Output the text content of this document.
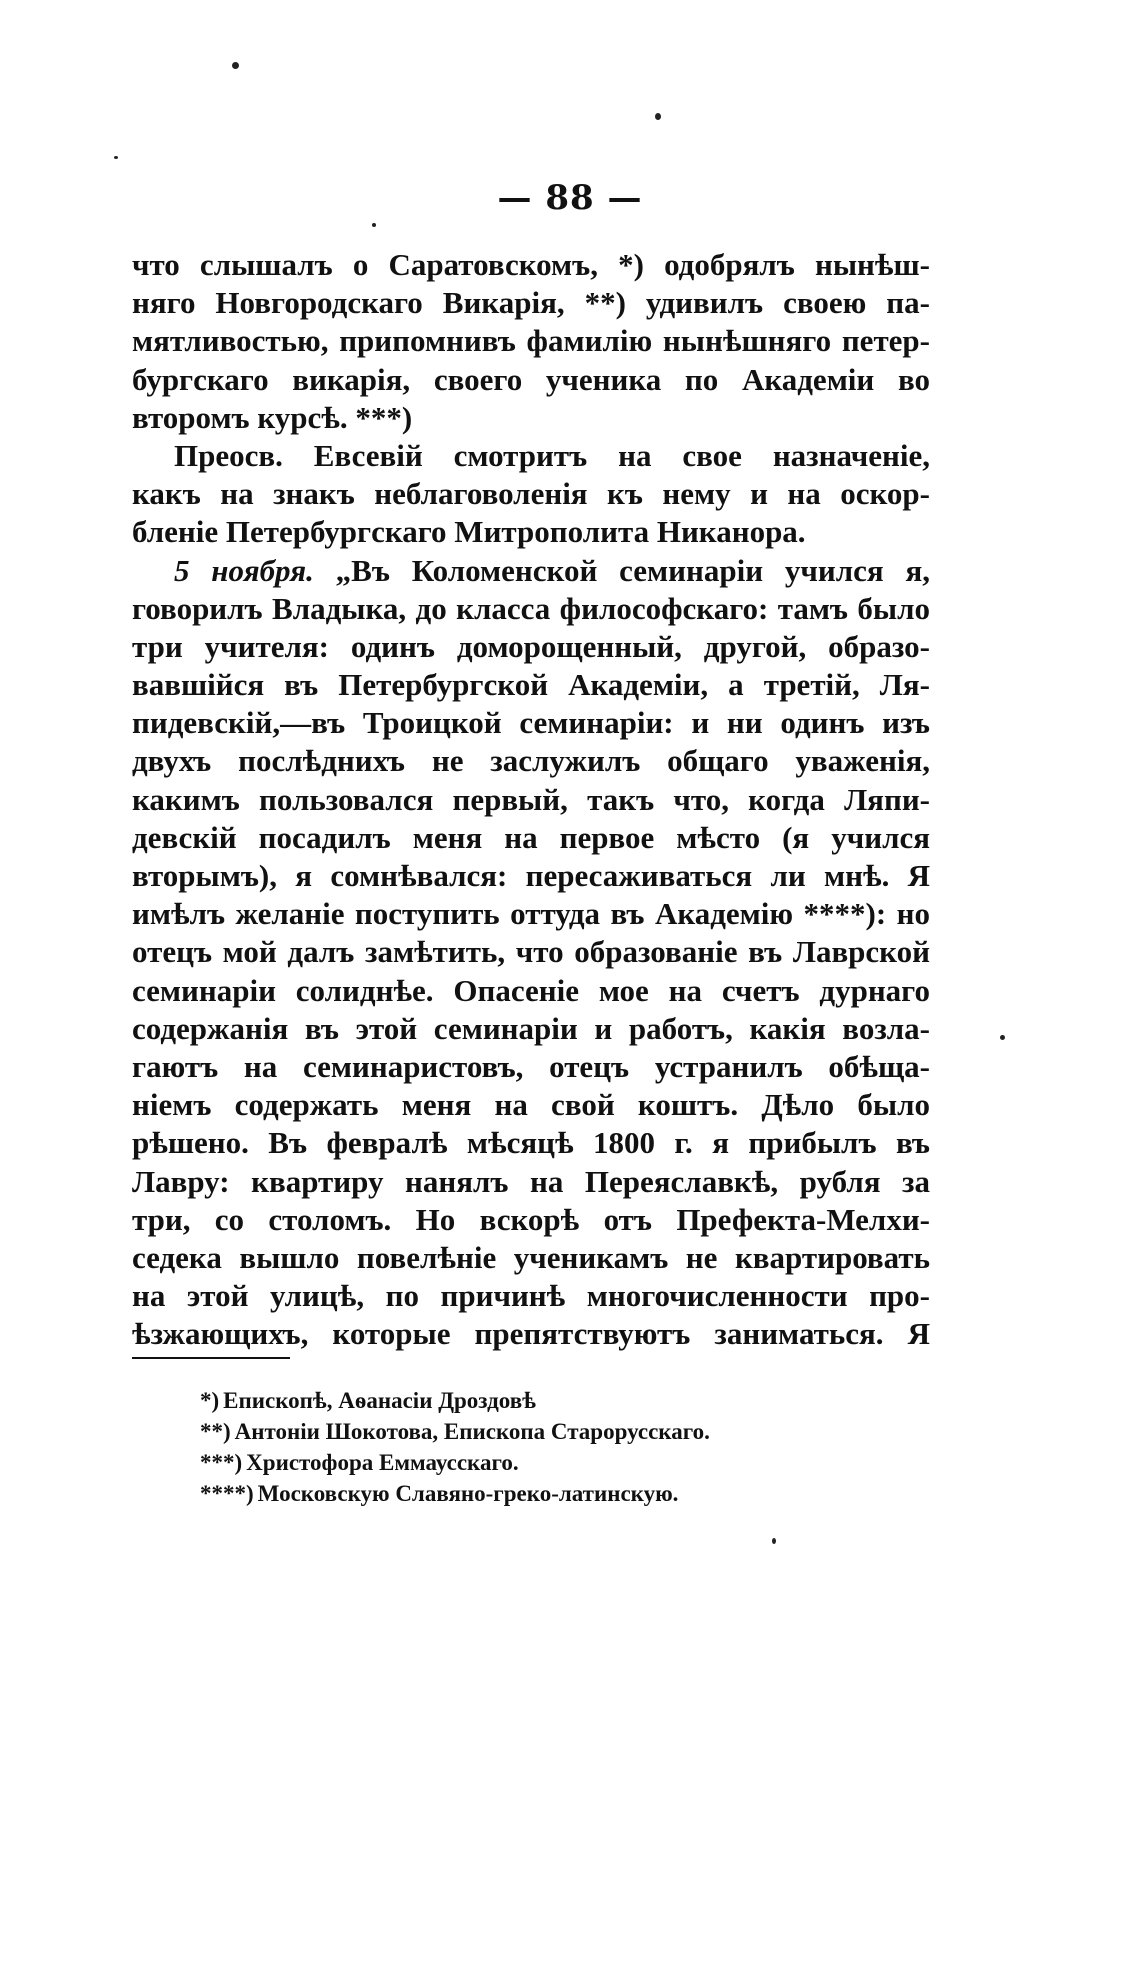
— 88 —
что слышалъ о Саратовскомъ, *) одобрялъ нынѣш-
няго Новгородскаго Викарія, **) удивилъ своею па-
мятливостью, припомнивъ фамилію нынѣшняго петер-
бургскаго викарія, своего ученика по Академіи во
второмъ курсѣ. ***)
Преосв. Евсевій смотритъ на свое назначеніе,
какъ на знакъ неблаговоленія къ нему и на оскор-
бленіе Петербургскаго Митрополита Никанора.
5 ноября. „Въ Коломенской семинаріи учился я,
говорилъ Владыка, до класса философскаго: тамъ было
три учителя: одинъ доморощенный, другой, образо-
вавшійся въ Петербургской Академіи, а третій, Ля-
пидевскій,—въ Троицкой семинаріи: и ни одинъ изъ
двухъ послѣднихъ не заслужилъ общаго уваженія,
какимъ пользовался первый, такъ что, когда Ляпи-
девскій посадилъ меня на первое мѣсто (я учился
вторымъ), я сомнѣвался: пересаживаться ли мнѣ. Я
имѣлъ желаніе поступить оттуда въ Академію ****): но
отецъ мой далъ замѣтить, что образованіе въ Лаврской
семинаріи солиднѣе. Опасеніе мое на счетъ дурнаго
содержанія въ этой семинаріи и работъ, какія возла-
гаютъ на семинаристовъ, отецъ устранилъ обѣща-
ніемъ содержать меня на свой коштъ. Дѣло было
рѣшено. Въ февралѣ мѣсяцѣ 1800 г. я прибылъ въ
Лавру: квартиру нанялъ на Переяславкѣ, рубля за
три, со столомъ. Но вскорѣ отъ Префекта-Мелхи-
седека вышло повелѣніе ученикамъ не квартировать
на этой улицѣ, по причинѣ многочисленности про-
ѣзжающихъ, которые препятствуютъ заниматься. Я
*) Епископѣ, Аѳанасіи Дроздовѣ
**) Антоніи Шокотова, Епископа Старорусскаго.
***) Христофора Еммаусскаго.
****) Московскую Славяно-греко-латинскую.
